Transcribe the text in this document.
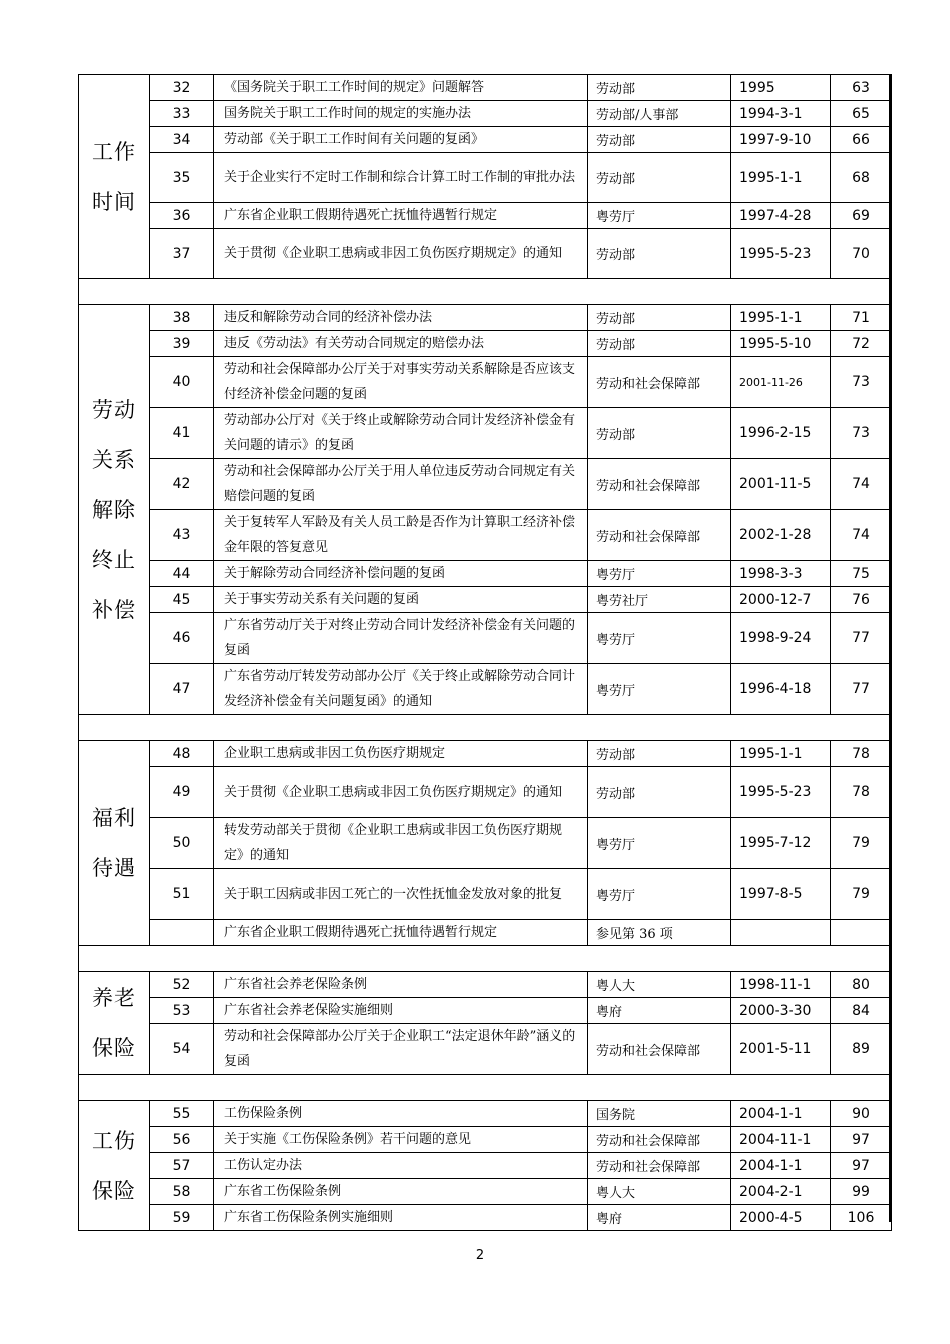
工作
时间	32	《国务院关于职工工作时间的规定》问题解答	劳动部	1995	63
	33	国务院关于职工工作时间的规定的实施办法	劳动部/人事部	1994-3-1	65
	34	劳动部《关于职工工作时间有关问题的复函》	劳动部	1997-9-10	66
	35	关于企业实行不定时工作制和综合计算工时工作制的审批办法	劳动部	1995-1-1	68
	36	广东省企业职工假期待遇死亡抚恤待遇暂行规定	粤劳厅	1997-4-28	69
	37	关于贯彻《企业职工患病或非因工负伤医疗期规定》的通知	劳动部	1995-5-23	70

劳动
关系
解除
终止
补偿	38	违反和解除劳动合同的经济补偿办法	劳动部	1995-1-1	71
	39	违反《劳动法》有关劳动合同规定的赔偿办法	劳动部	1995-5-10	72
	40	劳动和社会保障部办公厅关于对事实劳动关系解除是否应该支付经济补偿金问题的复函	劳动和社会保障部	2001-11-26	73
	41	劳动部办公厅对《关于终止或解除劳动合同计发经济补偿金有关问题的请示》的复函	劳动部	1996-2-15	73
	42	劳动和社会保障部办公厅关于用人单位违反劳动合同规定有关赔偿问题的复函	劳动和社会保障部	2001-11-5	74
	43	关于复转军人军龄及有关人员工龄是否作为计算职工经济补偿金年限的答复意见	劳动和社会保障部	2002-1-28	74
	44	关于解除劳动合同经济补偿问题的复函	粤劳厅	1998-3-3	75
	45	关于事实劳动关系有关问题的复函	粤劳社厅	2000-12-7	76
	46	广东省劳动厅关于对终止劳动合同计发经济补偿金有关问题的复函	粤劳厅	1998-9-24	77
	47	广东省劳动厅转发劳动部办公厅《关于终止或解除劳动合同计发经济补偿金有关问题复函》的通知	粤劳厅	1996-4-18	77

福利
待遇	48	企业职工患病或非因工负伤医疗期规定	劳动部	1995-1-1	78
	49	关于贯彻《企业职工患病或非因工负伤医疗期规定》的通知	劳动部	1995-5-23	78
	50	转发劳动部关于贯彻《企业职工患病或非因工负伤医疗期规定》的通知	粤劳厅	1995-7-12	79
	51	关于职工因病或非因工死亡的一次性抚恤金发放对象的批复	粤劳厅	1997-8-5	79
		广东省企业职工假期待遇死亡抚恤待遇暂行规定	参见第 36 项		

养老
保险	52	广东省社会养老保险条例	粤人大	1998-11-1	80
	53	广东省社会养老保险实施细则	粤府	2000-3-30	84
	54	劳动和社会保障部办公厅关于企业职工“法定退休年龄”涵义的复函	劳动和社会保障部	2001-5-11	89

工伤
保险	55	工伤保险条例	国务院	2004-1-1	90
	56	关于实施《工伤保险条例》若干问题的意见	劳动和社会保障部	2004-11-1	97
	57	工伤认定办法	劳动和社会保障部	2004-1-1	97
	58	广东省工伤保险条例	粤人大	2004-2-1	99
	59	广东省工伤保险条例实施细则	粤府	2000-4-5	106
2
